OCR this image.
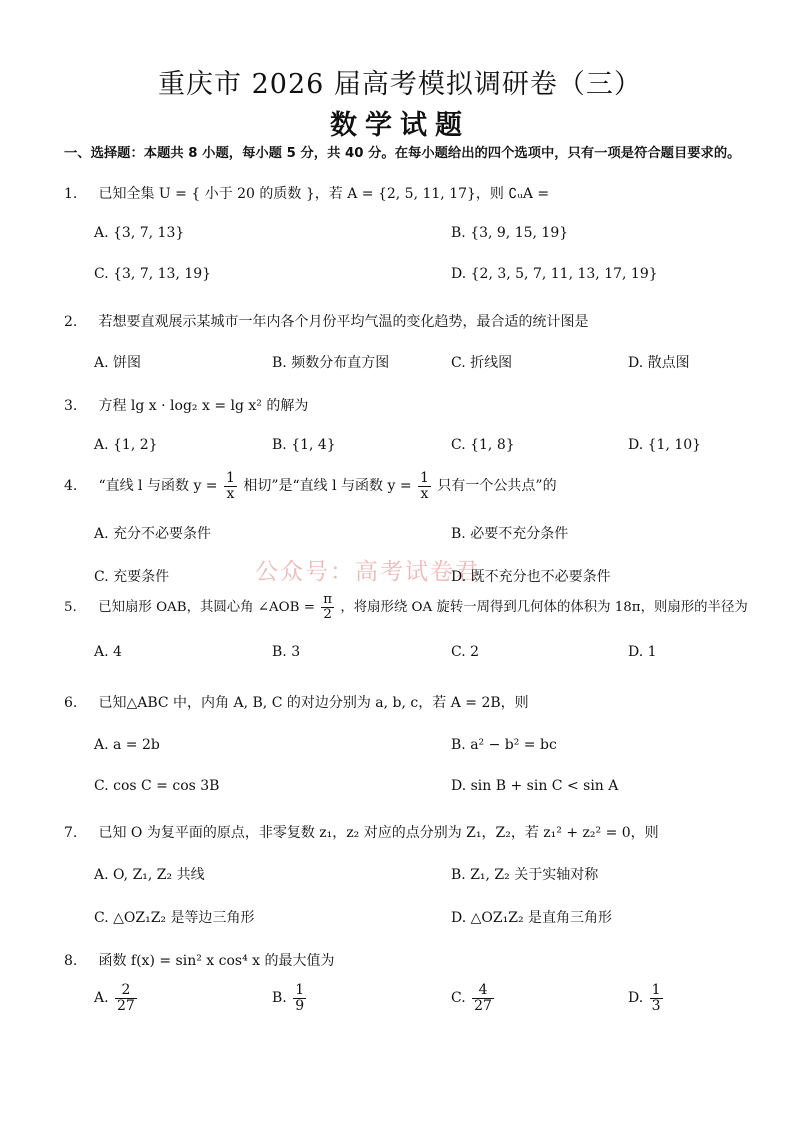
重庆市 2026 届高考模拟调研卷（三）
数学试题
一、选择题：本题共 8 小题，每小题 5 分，共 40 分。在每小题给出的四个选项中，只有一项是符合题目要求的。
公众号：高考试卷君
1. 已知全集 U = { 小于 20 的质数 }，若 A = {2, 5, 11, 17}，则 ∁ᵤA =
A. {3, 7, 13}	B. {3, 9, 15, 19}
C. {3, 7, 13, 19}	D. {2, 3, 5, 7, 11, 13, 17, 19}
2. 若想要直观展示某城市一年内各个月份平均气温的变化趋势，最合适的统计图是
A. 饼图	B. 频数分布直方图	C. 折线图	D. 散点图
3. 方程 lg x · log₂ x = lg x² 的解为
A. {1, 2}	B. {1, 4}	C. {1, 8}	D. {1, 10}
4. “直线 l 与函数 $y = \frac{1}{x}$ 相切”是“直线 l 与函数 $y = \frac{1}{x}$ 只有一个公共点”的
A. 充分不必要条件	B. 必要不充分条件
C. 充要条件	D. 既不充分也不必要条件
5. 已知扇形 OAB，其圆心角 ∠AOB = $\frac{\pi}{2}$ ，将扇形绕 OA 旋转一周得到几何体的体积为 18π，则扇形的半径为
A. 4	B. 3	C. 2	D. 1
6. 已知△ABC 中，内角 A, B, C 的对边分别为 a, b, c，若 A = 2B，则
A. a = 2b	B. a² − b² = bc
C. cos C = cos 3B	D. sin B + sin C < sin A
7. 已知 O 为复平面的原点，非零复数 z₁，z₂ 对应的点分别为 Z₁，Z₂，若 z₁² + z₂² = 0，则
A. O, Z₁, Z₂ 共线	B. Z₁, Z₂ 关于实轴对称
C. △OZ₁Z₂ 是等边三角形	D. △OZ₁Z₂ 是直角三角形
8. 函数 f(x) = sin² x cos⁴ x 的最大值为
A. $\frac{2}{27}$	B. $\frac{1}{9}$	C. $\frac{4}{27}$	D. $\frac{1}{3}$
